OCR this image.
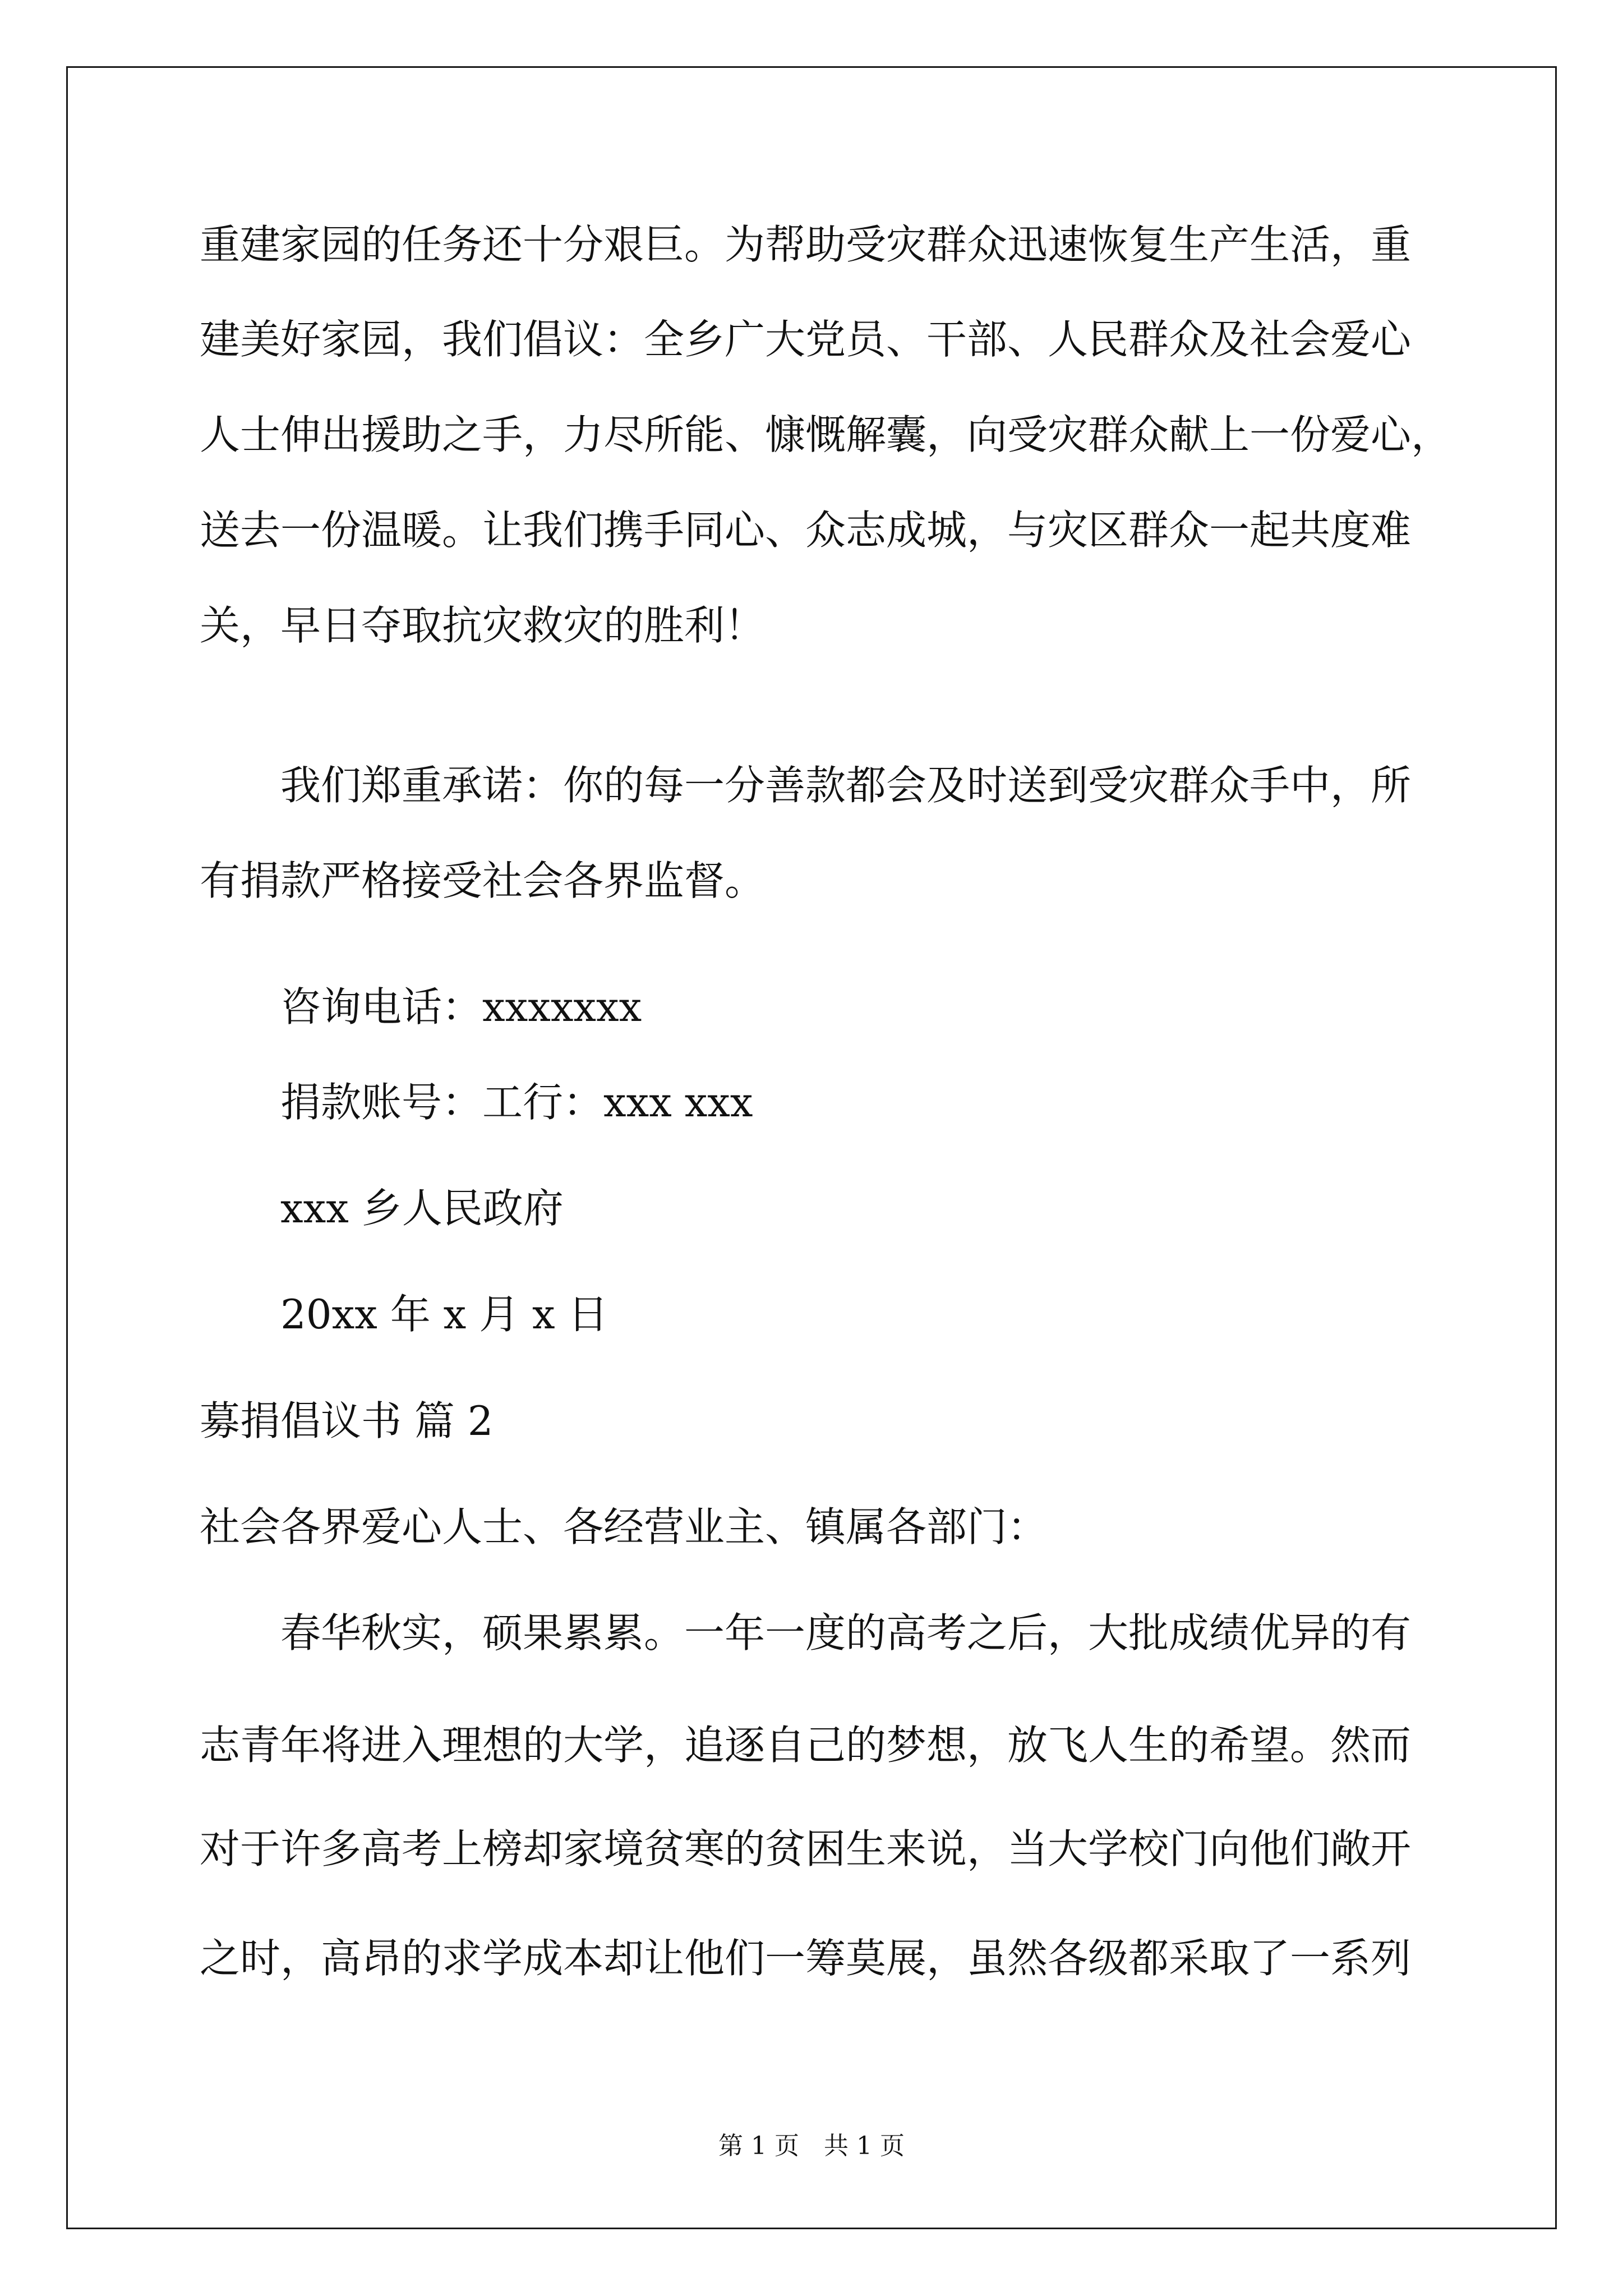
重建家园的任务还十分艰巨。为帮助受灾群众迅速恢复生产生活，重

建美好家园，我们倡议：全乡广大党员、干部、人民群众及社会爱心

人士伸出援助之手，力尽所能、慷慨解囊，向受灾群众献上一份爱心，

送去一份温暖。让我们携手同心、众志成城，与灾区群众一起共度难

关，早日夺取抗灾救灾的胜利！

我们郑重承诺：你的每一分善款都会及时送到受灾群众手中，所

有捐款严格接受社会各界监督。

咨询电话：xxxxxxx

捐款账号：工行：xxx xxx

xxx 乡人民政府

20xx 年 x 月 x 日

募捐倡议书 篇 2

社会各界爱心人士、各经营业主、镇属各部门：

春华秋实，硕果累累。一年一度的高考之后，大批成绩优异的有

志青年将进入理想的大学，追逐自己的梦想，放飞人生的希望。然而

对于许多高考上榜却家境贫寒的贫困生来说，当大学校门向他们敞开

之时，高昂的求学成本却让他们一筹莫展，虽然各级都采取了一系列

第 1 页　共 1 页
